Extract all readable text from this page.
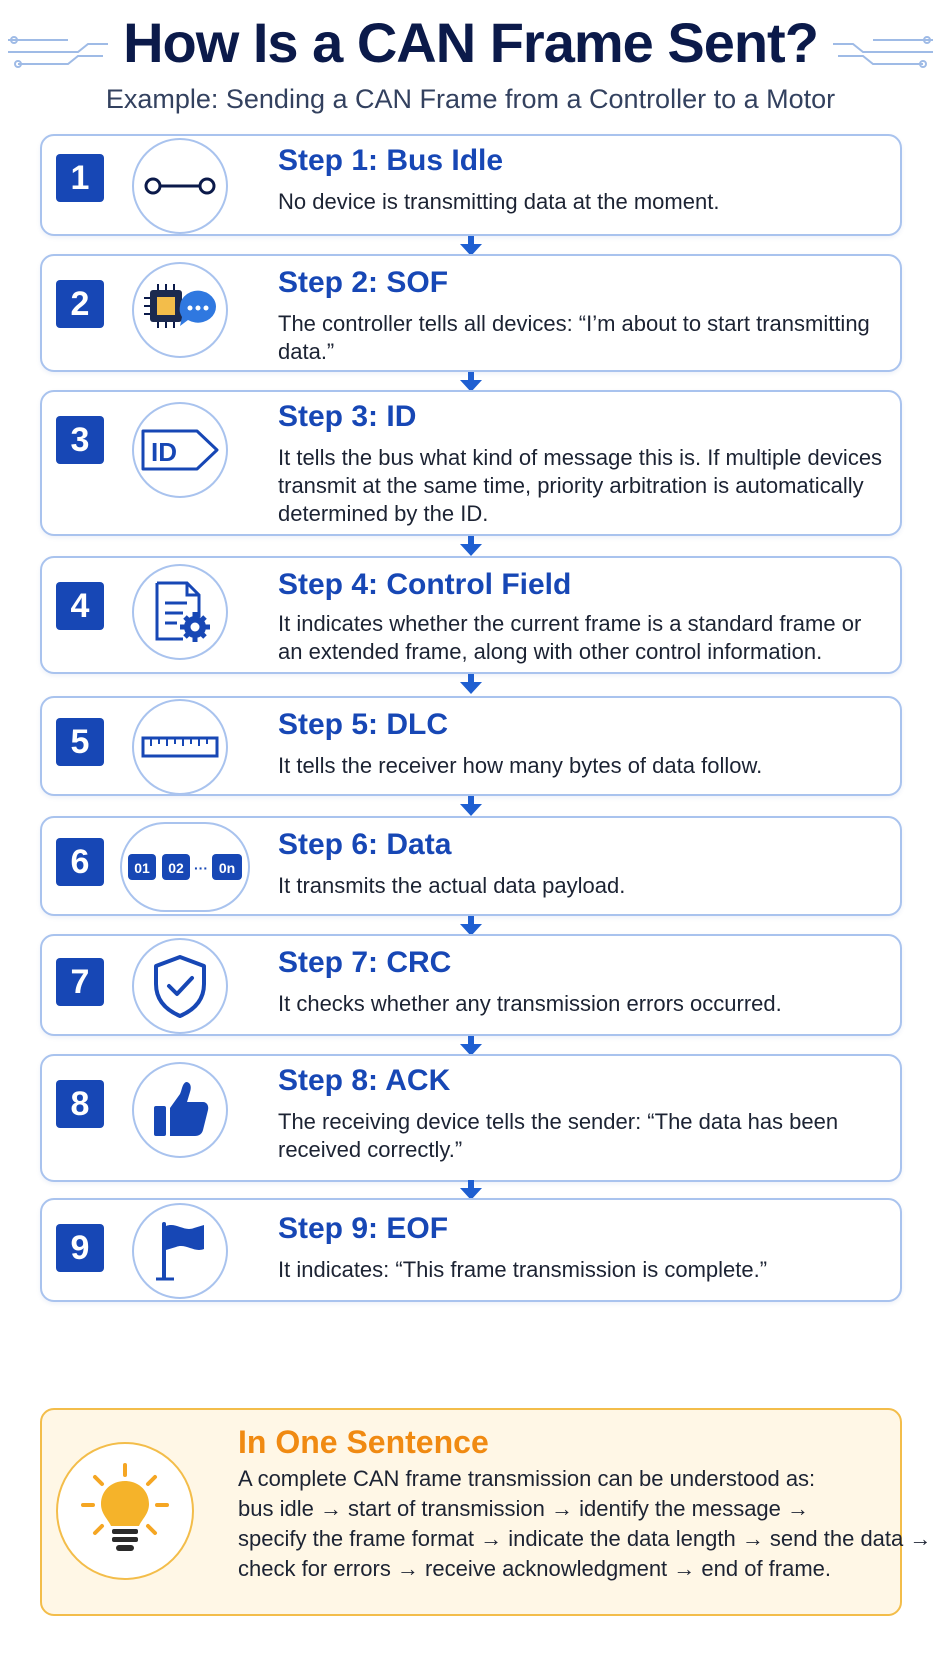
How Is a CAN Frame Sent?
Example: Sending a CAN Frame from a Controller to a Motor
1	Step 1: Bus Idle
No device is transmitting data at the moment.
2
Step 2: SOF
The controller tells all devices: “I’m about to start transmitting data.”
3	ID
Step 3: ID
It tells the bus what kind of message this is. If multiple devices transmit at the same time, priority arbitration is automatically determined by the ID.
4
Step 4: Control Field
It indicates whether the current frame is a standard frame or an extended frame, along with other control information.
5	Step 5: DLC
It tells the receiver how many bytes of data follow.
6	01 02 ··· 0n
Step 6: Data
It transmits the actual data payload.
7
Step 7: CRC
It checks whether any transmission errors occurred.
8
Step 8: ACK
The receiving device tells the sender: “The data has been received correctly.”
9
Step 9: EOF
It indicates: “This frame transmission is complete.”
In One Sentence
A complete CAN frame transmission can be understood as:
bus idle → start of transmission → identify the message →
specify the frame format → indicate the data length → send the data →
check for errors → receive acknowledgment → end of frame.
